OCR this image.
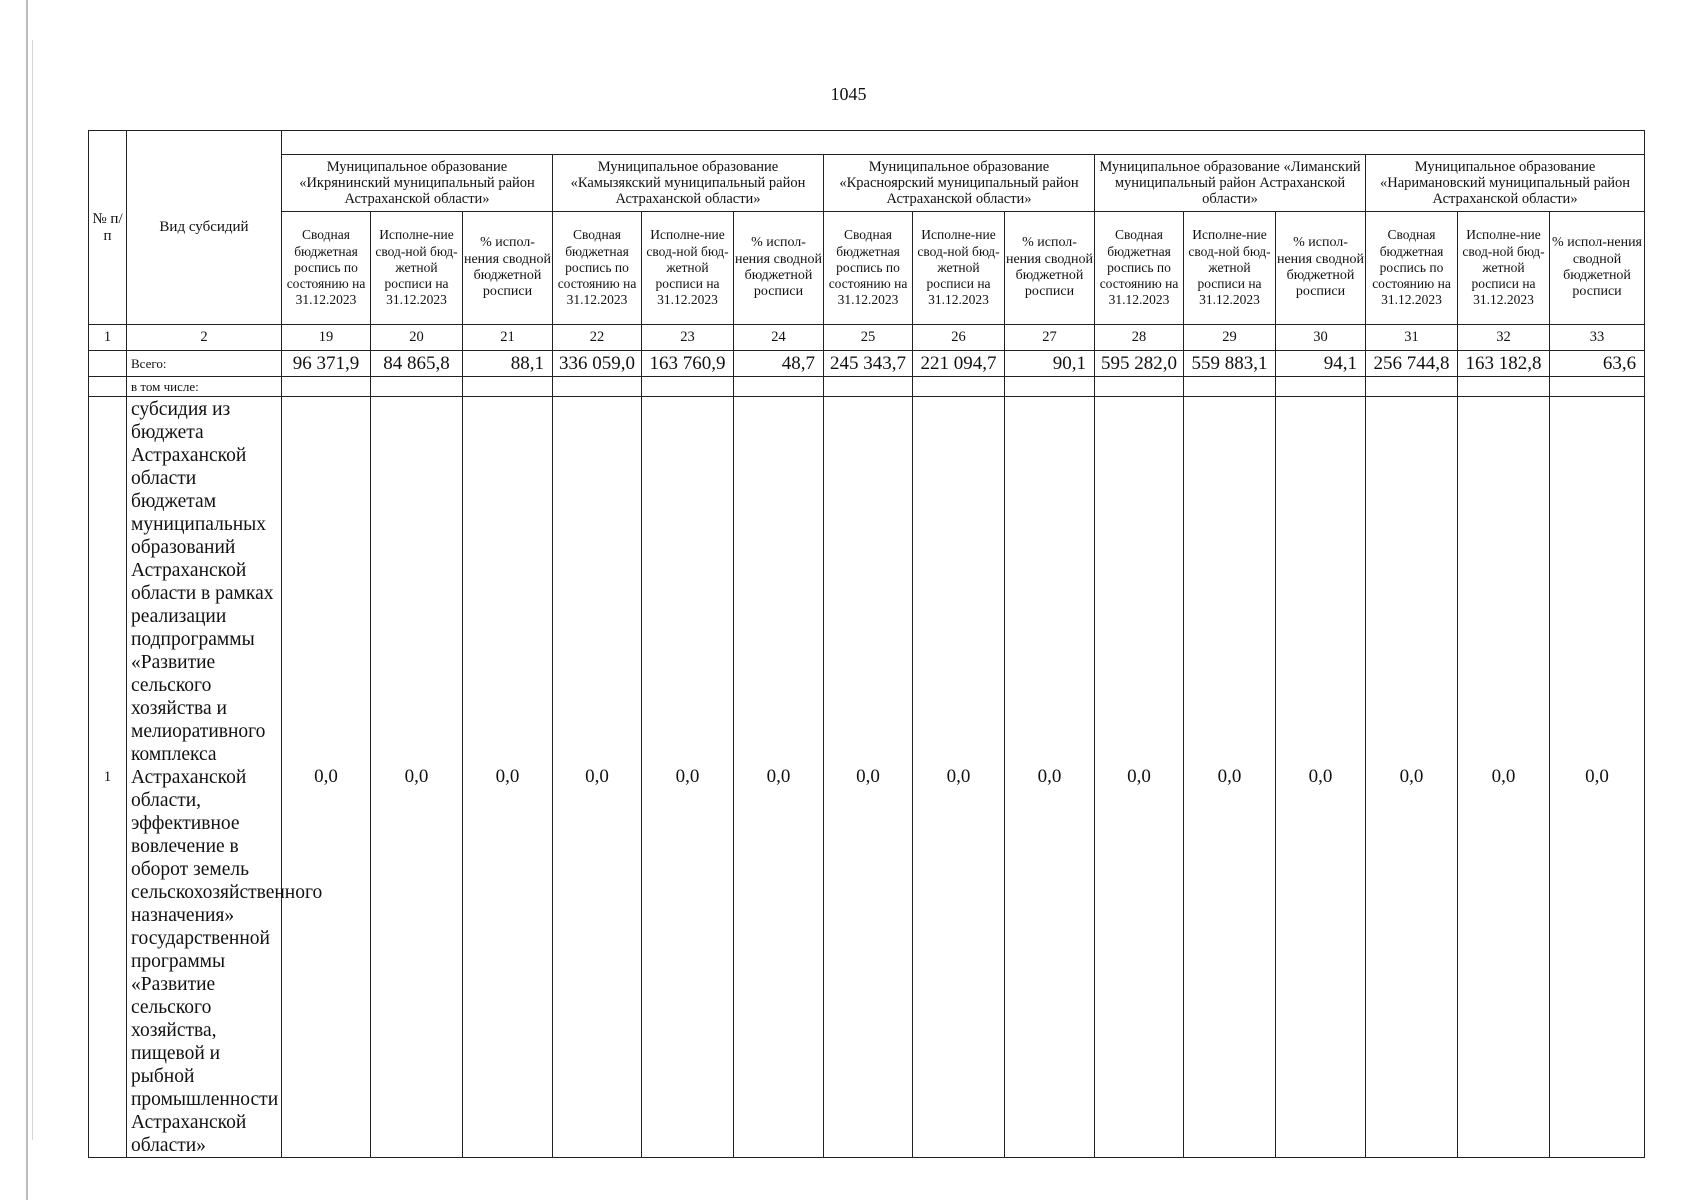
1045
№ п/п	Вид субсидий															
		Муниципальное образование «Икрянинский муниципальный район Астраханской области»			Муниципальное образование «Камызякский муниципальный район Астраханской области»			Муниципальное образование «Красноярский муниципальный район Астраханской области»			Муниципальное образование «Лиманский муниципальный район Астраханской области»			Муниципальное образование «Наримановский муниципальный район Астраханской области»		
		Сводная бюджетная роспись по состоянию на 31.12.2023	Исполне-ние свод-ной бюд-жетной росписи на 31.12.2023	% испол-нения сводной бюджетной росписи	Сводная бюджетная роспись по состоянию на 31.12.2023	Исполне-ние свод-ной бюд-жетной росписи на 31.12.2023	% испол-нения сводной бюджетной росписи	Сводная бюджетная роспись по состоянию на 31.12.2023	Исполне-ние свод-ной бюд-жетной росписи на 31.12.2023	% испол-нения сводной бюджетной росписи	Сводная бюджетная роспись по состоянию на 31.12.2023	Исполне-ние свод-ной бюд-жетной росписи на 31.12.2023	% испол-нения сводной бюджетной росписи	Сводная бюджетная роспись по состоянию на 31.12.2023	Исполне-ние свод-ной бюд-жетной росписи на 31.12.2023	% испол-нения сводной бюджетной росписи
1	2	19	20	21	22	23	24	25	26	27	28	29	30	31	32	33
	Всего:	96 371,9	84 865,8	88,1	336 059,0	163 760,9	48,7	245 343,7	221 094,7	90,1	595 282,0	559 883,1	94,1	256 744,8	163 182,8	63,6
	в том числе:															
1	субсидия из бюджета Астраханской области бюджетам муниципальных образований Астраханской области в рамках реализации подпрограммы «Развитие сельского хозяйства и мелиоративного комплекса Астраханской области, эффективное вовлечение в оборот земель сельскохозяйственного назначения» государственной программы «Развитие сельского хозяйства, пищевой и рыбной промышленности Астраханской области»	0,0	0,0	0,0	0,0	0,0	0,0	0,0	0,0	0,0	0,0	0,0	0,0	0,0	0,0	0,0
